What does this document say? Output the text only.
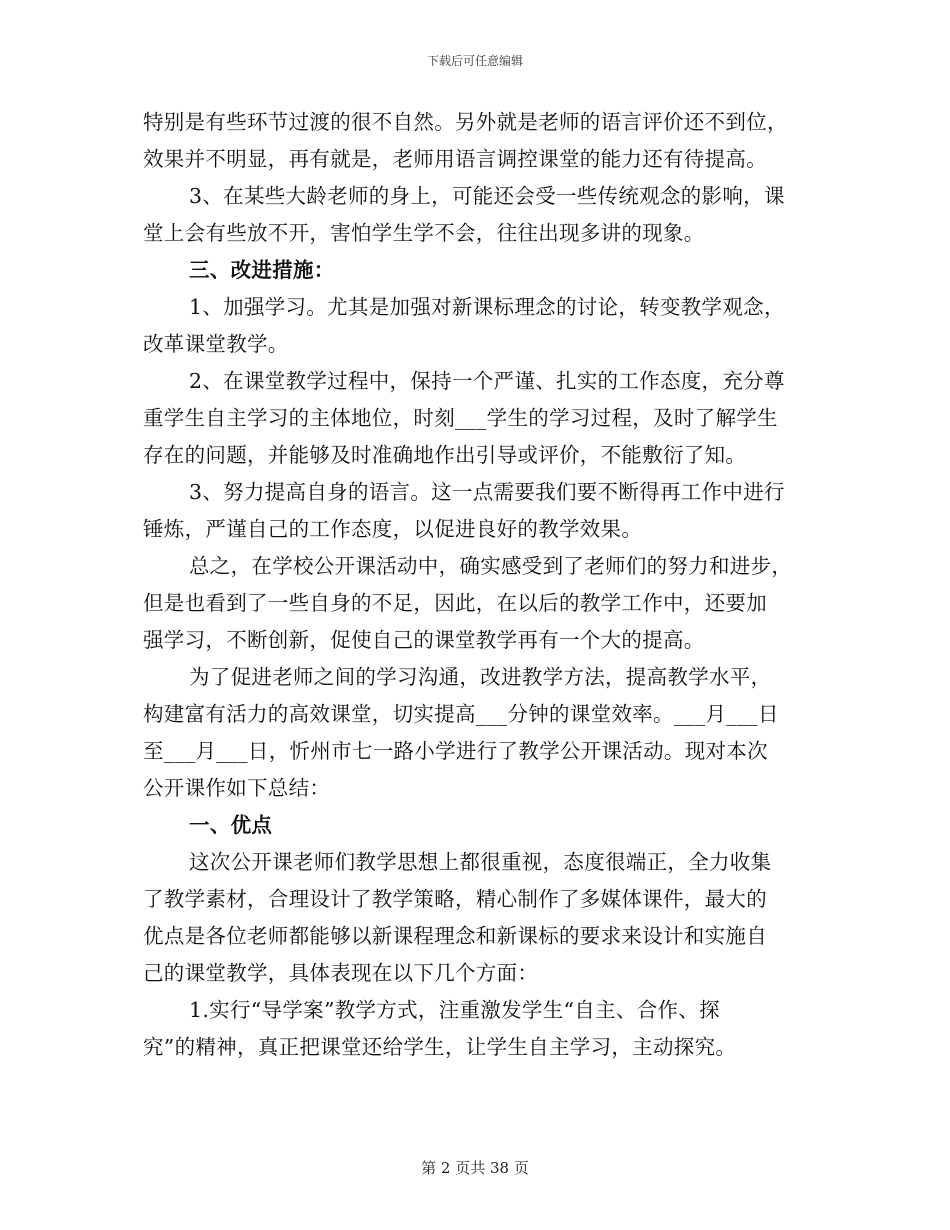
下载后可任意编辑
特别是有些环节过渡的很不自然。另外就是老师的语言评价还不到位，
效果并不明显，再有就是，老师用语言调控课堂的能力还有待提高。
3、在某些大龄老师的身上，可能还会受一些传统观念的影响，课
堂上会有些放不开，害怕学生学不会，往往出现多讲的现象。
三、改进措施：
1、加强学习。尤其是加强对新课标理念的讨论，转变教学观念，
改革课堂教学。
2、在课堂教学过程中，保持一个严谨、扎实的工作态度，充分尊
重学生自主学习的主体地位，时刻___学生的学习过程，及时了解学生
存在的问题，并能够及时准确地作出引导或评价，不能敷衍了知。
3、努力提高自身的语言。这一点需要我们要不断得再工作中进行
锤炼，严谨自己的工作态度，以促进良好的教学效果。
总之，在学校公开课活动中，确实感受到了老师们的努力和进步，
但是也看到了一些自身的不足，因此，在以后的教学工作中，还要加
强学习，不断创新，促使自己的课堂教学再有一个大的提高。
为了促进老师之间的学习沟通，改进教学方法，提高教学水平，
构建富有活力的高效课堂，切实提高___分钟的课堂效率。___月___日
至___月___日，忻州市七一路小学进行了教学公开课活动。现对本次
公开课作如下总结：
一、优点
这次公开课老师们教学思想上都很重视，态度很端正，全力收集
了教学素材，合理设计了教学策略，精心制作了多媒体课件，最大的
优点是各位老师都能够以新课程理念和新课标的要求来设计和实施自
己的课堂教学，具体表现在以下几个方面：
1.实行“导学案”教学方式，注重激发学生“自主、合作、探
究”的精神，真正把课堂还给学生，让学生自主学习，主动探究。
第 2 页共 38 页
